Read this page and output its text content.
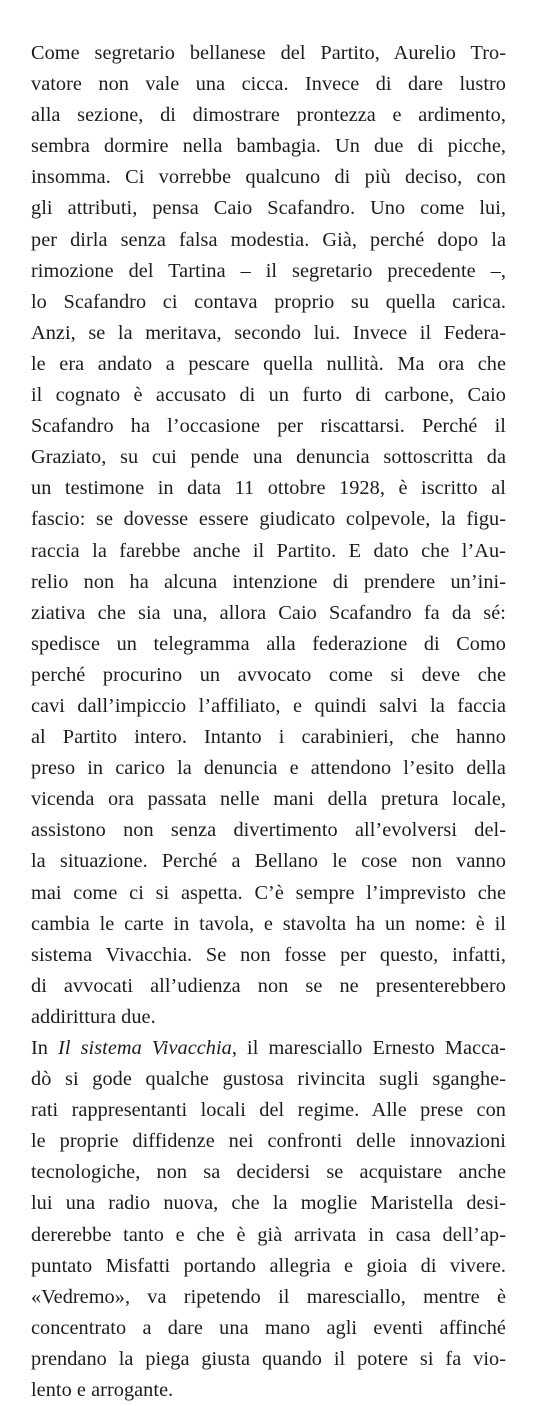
Come segretario bellanese del Partito, Aurelio Tro-
vatore non vale una cicca. Invece di dare lustro
alla sezione, di dimostrare prontezza e ardimento,
sembra dormire nella bambagia. Un due di picche,
insomma. Ci vorrebbe qualcuno di più deciso, con
gli attributi, pensa Caio Scafandro. Uno come lui,
per dirla senza falsa modestia. Già, perché dopo la
rimozione del Tartina – il segretario precedente –,
lo Scafandro ci contava proprio su quella carica.
Anzi, se la meritava, secondo lui. Invece il Federa-
le era andato a pescare quella nullità. Ma ora che
il cognato è accusato di un furto di carbone, Caio
Scafandro ha l’occasione per riscattarsi. Perché il
Graziato, su cui pende una denuncia sottoscritta da
un testimone in data 11 ottobre 1928, è iscritto al
fascio: se dovesse essere giudicato colpevole, la figu-
raccia la farebbe anche il Partito. E dato che l’Au-
relio non ha alcuna intenzione di prendere un’ini-
ziativa che sia una, allora Caio Scafandro fa da sé:
spedisce un telegramma alla federazione di Como
perché procurino un avvocato come si deve che
cavi dall’impiccio l’affiliato, e quindi salvi la faccia
al Partito intero. Intanto i carabinieri, che hanno
preso in carico la denuncia e attendono l’esito della
vicenda ora passata nelle mani della pretura locale,
assistono non senza divertimento all’evolversi del-
la situazione. Perché a Bellano le cose non vanno
mai come ci si aspetta. C’è sempre l’imprevisto che
cambia le carte in tavola, e stavolta ha un nome: è il
sistema Vivacchia. Se non fosse per questo, infatti,
di avvocati all’udienza non se ne presenterebbero
addirittura due.
In Il sistema Vivacchia, il maresciallo Ernesto Macca-
dò si gode qualche gustosa rivincita sugli sganghe-
rati rappresentanti locali del regime. Alle prese con
le proprie diffidenze nei confronti delle innovazioni
tecnologiche, non sa decidersi se acquistare anche
lui una radio nuova, che la moglie Maristella desi-
dererebbe tanto e che è già arrivata in casa dell’ap-
puntato Misfatti portando allegria e gioia di vivere.
«Vedremo», va ripetendo il maresciallo, mentre è
concentrato a dare una mano agli eventi affinché
prendano la piega giusta quando il potere si fa vio-
lento e arrogante.
